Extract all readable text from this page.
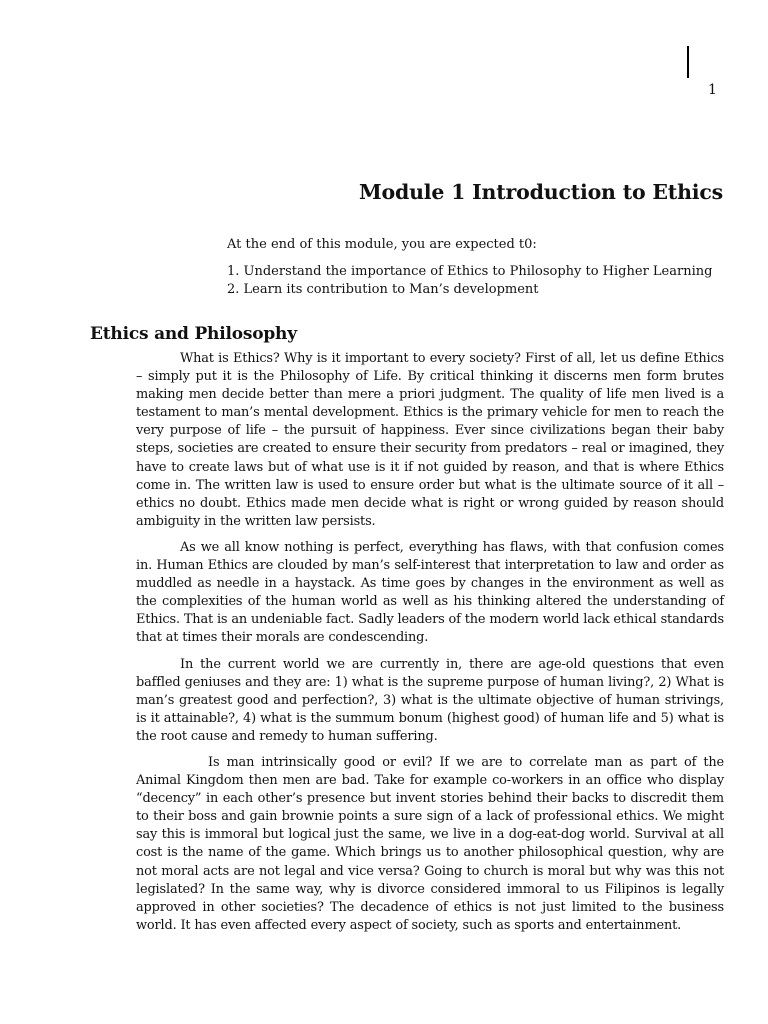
1
Module 1 Introduction to Ethics

At the end of this module, you are expected t0:

1. Understand the importance of Ethics to Philosophy to Higher Learning 2. Learn its contribution to Man’s development

Ethics and Philosophy

What is Ethics? Why is it important to every society? First of all, let us define Ethics – simply put it is the Philosophy of Life. By critical thinking it discerns men form brutes making men decide better than mere a priori judgment. The quality of life men lived is a testament to man’s mental development. Ethics is the primary vehicle for men to reach the very purpose of life – the pursuit of happiness. Ever since civilizations began their baby steps, societies are created to ensure their security from predators – real or imagined, they have to create laws but of what use is it if not guided by reason, and that is where Ethics come in. The written law is used to ensure order but what is the ultimate source of it all – ethics no doubt. Ethics made men decide what is right or wrong guided by reason should ambiguity in the written law persists.

As we all know nothing is perfect, everything has flaws, with that confusion comes in. Human Ethics are clouded by man’s self-interest that interpretation to law and order as muddled as needle in a haystack. As time goes by changes in the environment as well as the complexities of the human world as well as his thinking altered the understanding of Ethics. That is an undeniable fact. Sadly leaders of the modern world lack ethical standards that at times their morals are condescending.

In the current world we are currently in, there are age-old questions that even baffled geniuses and they are: 1) what is the supreme purpose of human living?, 2) What is man’s greatest good and perfection?, 3) what is the ultimate objective of human strivings, is it attainable?, 4) what is the summum bonum (highest good) of human life and 5) what is the root cause and remedy to human suffering.

Is man intrinsically good or evil? If we are to correlate man as part of the Animal Kingdom then men are bad. Take for example co-workers in an office who display “decency” in each other’s presence but invent stories behind their backs to discredit them to their boss and gain brownie points a sure sign of a lack of professional ethics. We might say this is immoral but logical just the same, we live in a dog-eat-dog world. Survival at all cost is the name of the game. Which brings us to another philosophical question, why are not moral acts are not legal and vice versa? Going to church is moral but why was this not legislated? In the same way, why is divorce considered immoral to us Filipinos is legally approved in other societies? The decadence of ethics is not just limited to the business world. It has even affected every aspect of society, such as sports and entertainment.
